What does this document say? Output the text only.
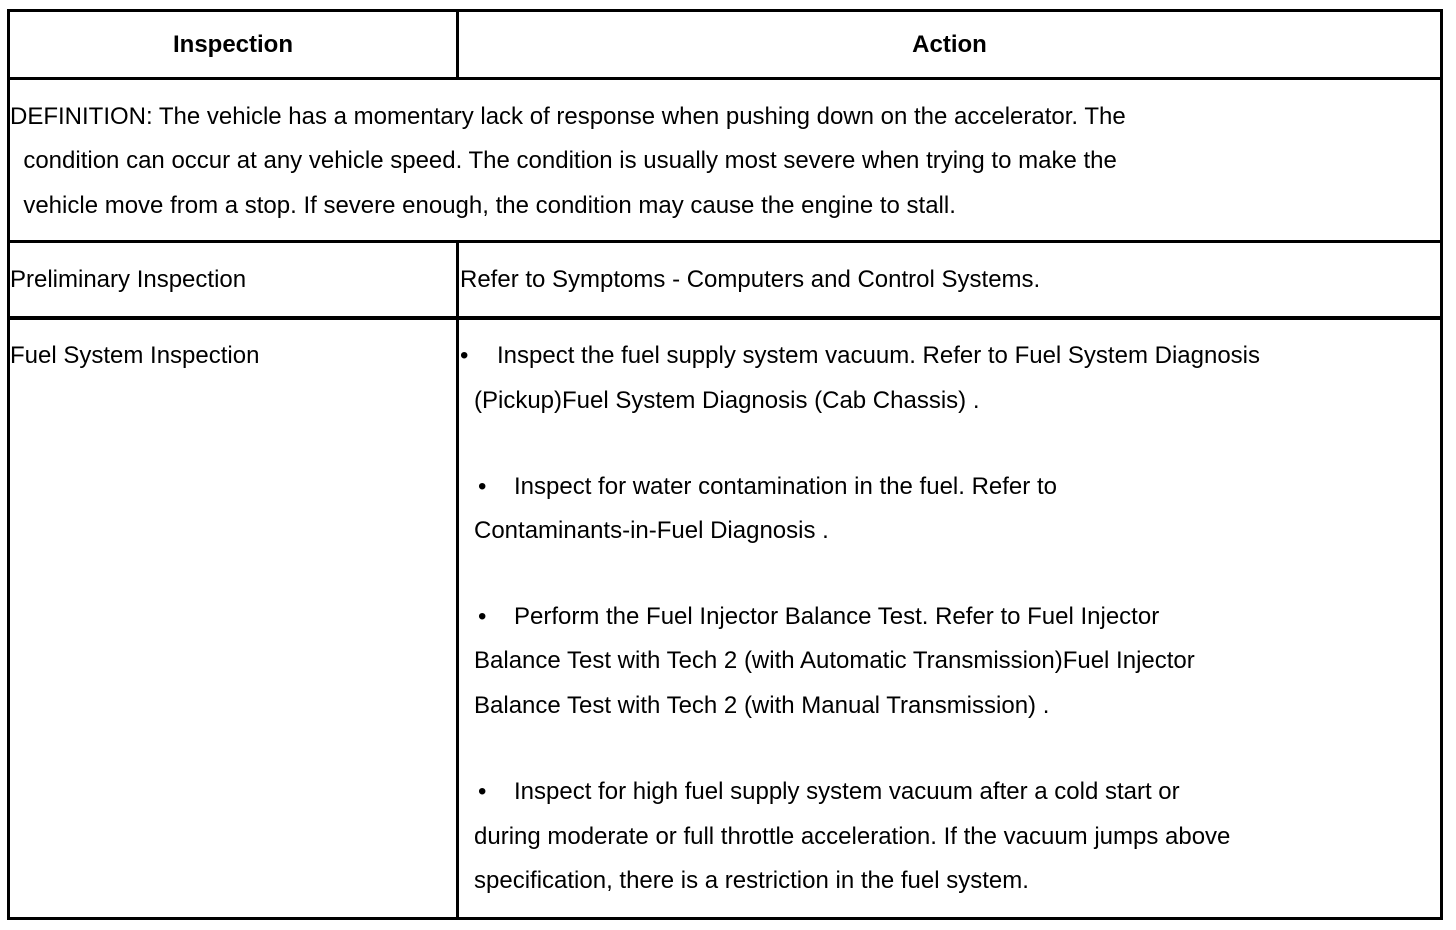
Inspection	Action
DEFINITION: The vehicle has a momentary lack of response when pushing down on the accelerator. The
condition can occur at any vehicle speed. The condition is usually most severe when trying to make the
vehicle move from a stop. If severe enough, the condition may cause the engine to stall.
Preliminary Inspection	Refer to Symptoms - Computers and Control Systems.
Fuel System Inspection	• Inspect the fuel supply system vacuum. Refer to Fuel System Diagnosis
(Pickup)Fuel System Diagnosis (Cab Chassis) .
• Inspect for water contamination in the fuel. Refer to
Contaminants-in-Fuel Diagnosis .
• Perform the Fuel Injector Balance Test. Refer to Fuel Injector
Balance Test with Tech 2 (with Automatic Transmission)Fuel Injector
Balance Test with Tech 2 (with Manual Transmission) .
• Inspect for high fuel supply system vacuum after a cold start or
during moderate or full throttle acceleration. If the vacuum jumps above
specification, there is a restriction in the fuel system.
